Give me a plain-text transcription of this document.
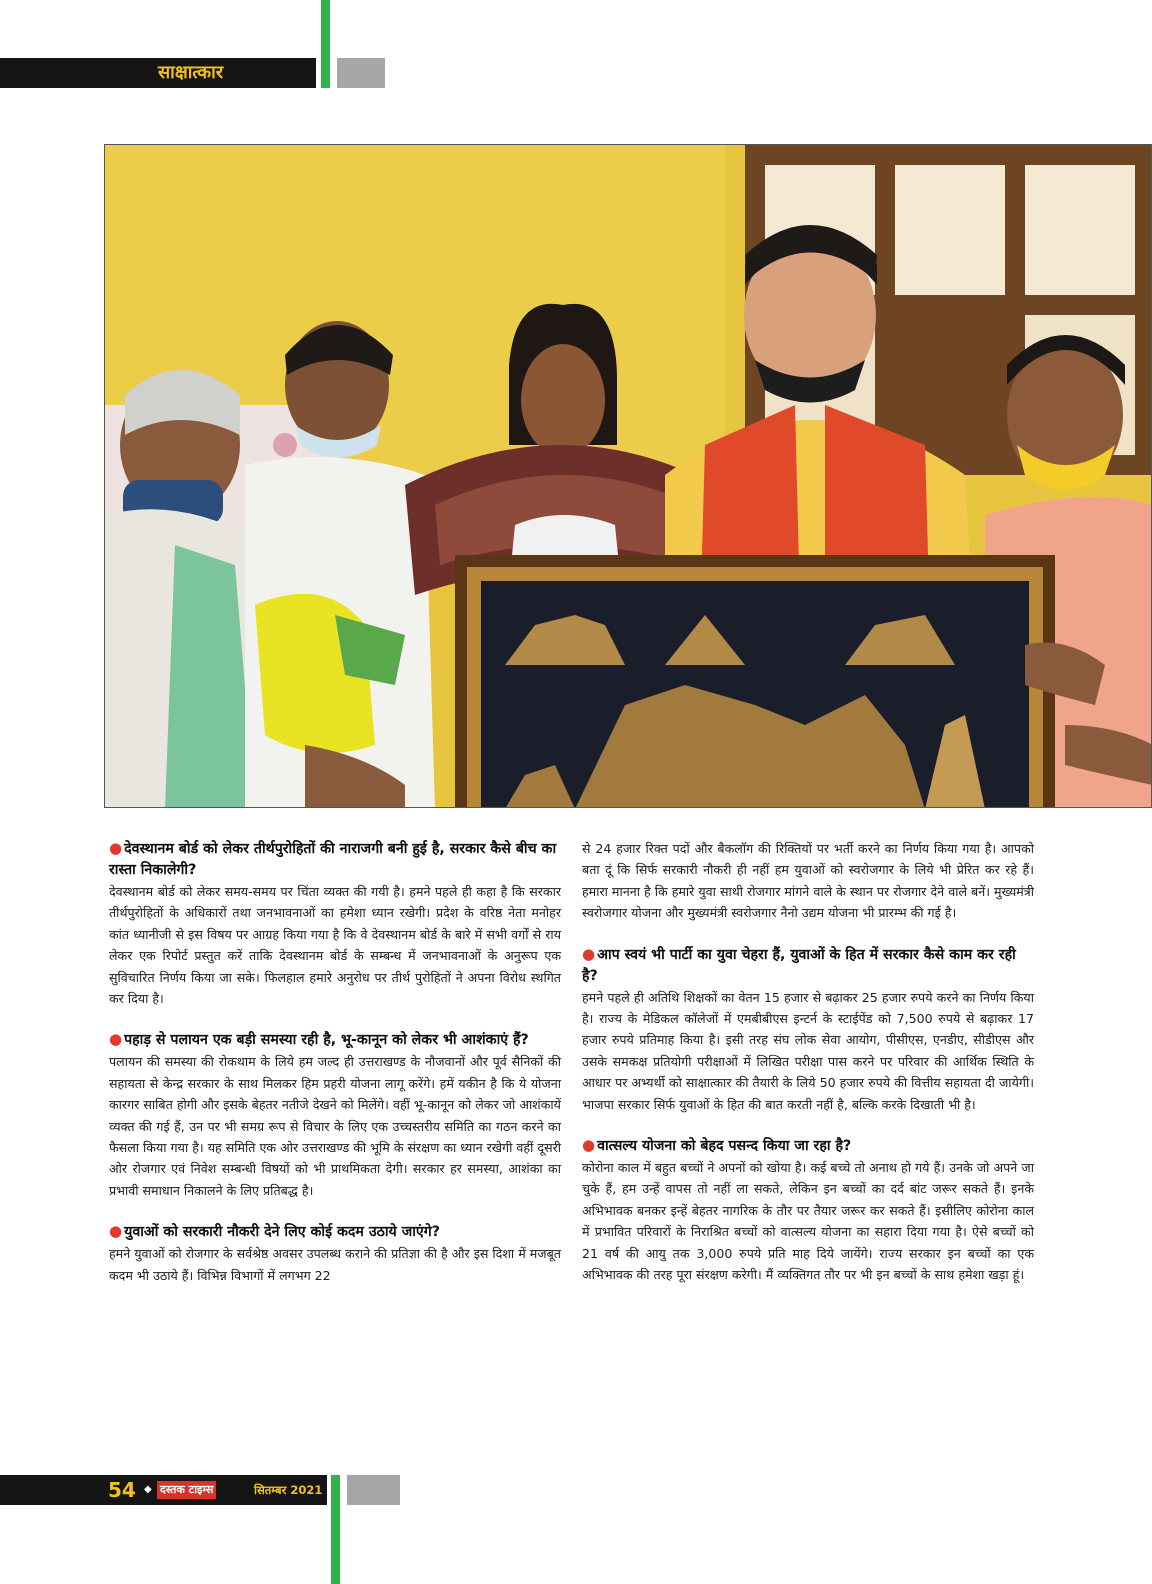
साक्षात्कार

● देवस्थानम बोर्ड को लेकर तीर्थपुरोहितों की नाराजगी बनी हुई है, सरकार कैसे बीच का रास्ता निकालेगी?

देवस्थानम बोर्ड को लेकर समय-समय पर चिंता व्यक्त की गयी है। हमने पहले ही कहा है कि सरकार तीर्थपुरोहितों के अधिकारों तथा जनभावनाओं का हमेशा ध्यान रखेगी। प्रदेश के वरिष्ठ नेता मनोहर कांत ध्यानीजी से इस विषय पर आग्रह किया गया है कि वे देवस्थानम बोर्ड के बारे में सभी वर्गों से राय लेकर एक रिपोर्ट प्रस्तुत करें ताकि देवस्थानम बोर्ड के सम्बन्ध में जनभावनाओं के अनुरूप एक सुविचारित निर्णय किया जा सके। फिलहाल हमारे अनुरोध पर तीर्थ पुरोहितों ने अपना विरोध स्थगित कर दिया है।

● पहाड़ से पलायन एक बड़ी समस्या रही है, भू-कानून को लेकर भी आशंकाएं हैं?

पलायन की समस्या की रोकथाम के लिये हम जल्द ही उत्तराखण्ड के नौजवानों और पूर्व सैनिकों की सहायता से केन्द्र सरकार के साथ मिलकर हिम प्रहरी योजना लागू करेंगे। हमें यकीन है कि ये योजना कारगर साबित होगी और इसके बेहतर नतीजे देखने को मिलेंगे। वहीं भू-कानून को लेकर जो आशंकायें व्यक्त की गई हैं, उन पर भी समग्र रूप से विचार के लिए एक उच्चस्तरीय समिति का गठन करने का फैसला किया गया है। यह समिति एक ओर उत्तराखण्ड की भूमि के संरक्षण का ध्यान रखेगी वहीं दूसरी ओर रोजगार एवं निवेश सम्बन्धी विषयों को भी प्राथमिकता देगी। सरकार हर समस्या, आशंका का प्रभावी समाधान निकालने के लिए प्रतिबद्ध है।

● युवाओं को सरकारी नौकरी देने लिए कोई कदम उठाये जाएंगे?

हमने युवाओं को रोजगार के सर्वश्रेष्ठ अवसर उपलब्ध कराने की प्रतिज्ञा की है और इस दिशा में मजबूत कदम भी उठाये हैं। विभिन्न विभागों में लगभग 22

से 24 हजार रिक्त पदों और बैकलॉग की रिक्तियों पर भर्ती करने का निर्णय किया गया है। आपको बता दूं कि सिर्फ सरकारी नौकरी ही नहीं हम युवाओं को स्वरोजगार के लिये भी प्रेरित कर रहे हैं। हमारा मानना है कि हमारे युवा साथी रोजगार मांगने वाले के स्थान पर रोजगार देने वाले बनें। मुख्यमंत्री स्वरोजगार योजना और मुख्यमंत्री स्वरोजगार नैनो उद्यम योजना भी प्रारम्भ की गई है।

● आप स्वयं भी पार्टी का युवा चेहरा हैं, युवाओं के हित में सरकार कैसे काम कर रही है?

हमने पहले ही अतिथि शिक्षकों का वेतन 15 हजार से बढ़ाकर 25 हजार रुपये करने का निर्णय किया है। राज्य के मेडिकल कॉलेजों में एमबीबीएस इन्टर्न के स्टाईपेंड को 7,500 रुपये से बढ़ाकर 17 हजार रुपये प्रतिमाह किया है। इसी तरह संघ लोक सेवा आयोग, पीसीएस, एनडीए, सीडीएस और उसके समकक्ष प्रतियोगी परीक्षाओं में लिखित परीक्षा पास करने पर परिवार की आर्थिक स्थिति के आधार पर अभ्यर्थी को साक्षात्कार की तैयारी के लिये 50 हजार रुपये की वित्तीय सहायता दी जायेगी। भाजपा सरकार सिर्फ युवाओं के हित की बात करती नहीं है, बल्कि करके दिखाती भी है।

● वात्सल्य योजना को बेहद पसन्द किया जा रहा है?

कोरोना काल में बहुत बच्चों ने अपनों को खोया है। कई बच्चे तो अनाथ हो गये हैं। उनके जो अपने जा चुके हैं, हम उन्हें वापस तो नहीं ला सकते, लेकिन इन बच्चों का दर्द बांट जरूर सकते हैं। इनके अभिभावक बनकर इन्हें बेहतर नागरिक के तौर पर तैयार जरूर कर सकते हैं। इसीलिए कोरोना काल में प्रभावित परिवारों के निराश्रित बच्चों को वात्सल्य योजना का सहारा दिया गया है। ऐसे बच्चों को 21 वर्ष की आयु तक 3,000 रुपये प्रति माह दिये जायेंगे। राज्य सरकार इन बच्चों का एक अभिभावक की तरह पूरा संरक्षण करेगी। मैं व्यक्तिगत तौर पर भी इन बच्चों के साथ हमेशा खड़ा हूं।

54 ◆ दस्तक टाइम्स	सितम्बर 2021
